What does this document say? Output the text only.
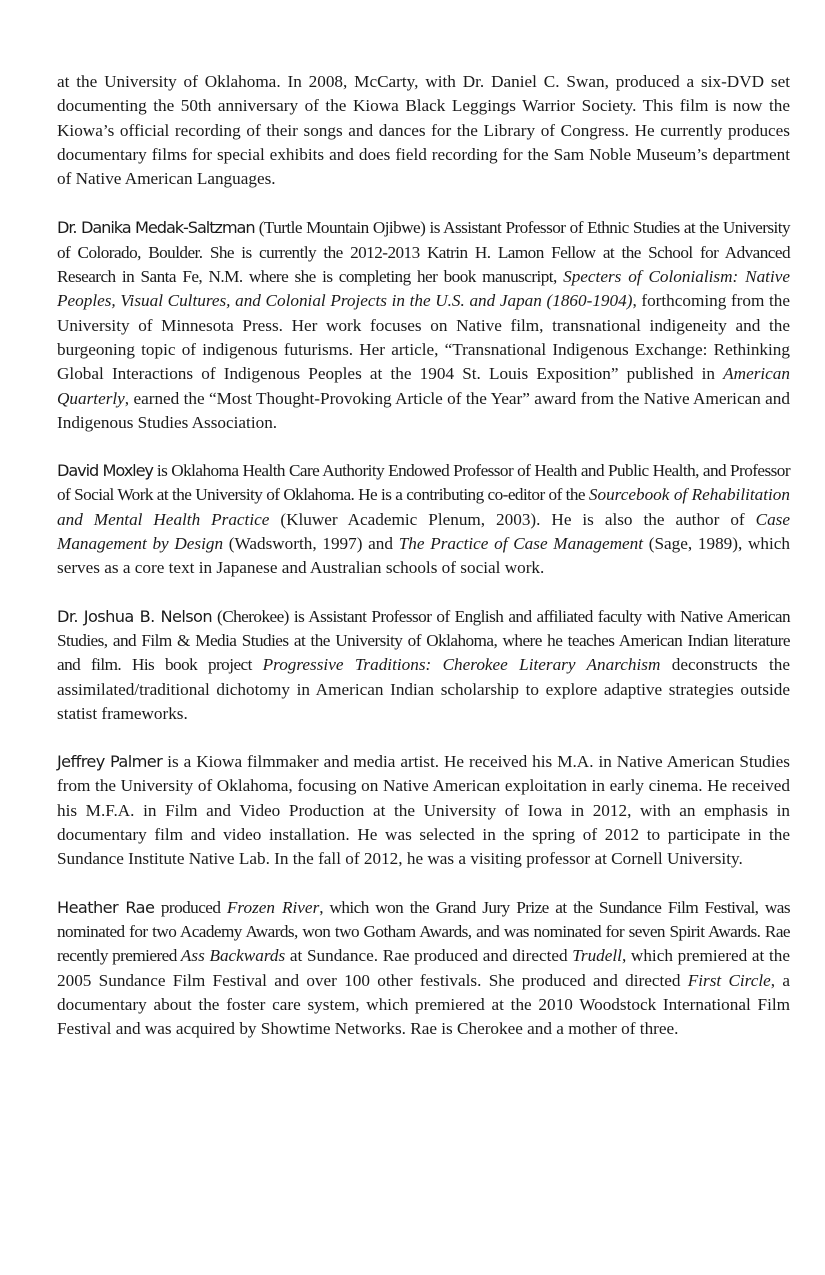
at the University of Oklahoma. In 2008, McCarty, with Dr. Daniel C. Swan, produced a six-DVD set documenting the 50th anniversary of the Kiowa Black Leggings Warrior Society. This film is now the Kiowa’s official recording of their songs and dances for the Library of Congress. He currently produces documentary films for special exhibits and does field recording for the Sam Noble Museum’s department of Native American Languages.

Dr. Danika Medak-Saltzman (Turtle Mountain Ojibwe) is Assistant Professor of Ethnic Studies at the University of Colorado, Boulder. She is currently the 2012-2013 Katrin H. Lamon Fellow at the School for Advanced Research in Santa Fe, N.M. where she is completing her book manuscript, Specters of Colonialism: Native Peoples, Visual Cultures, and Colonial Projects in the U.S. and Japan (1860-1904), forthcoming from the University of Minnesota Press. Her work focuses on Native film, transnational indigeneity and the burgeoning topic of indigenous futurisms. Her article, “Transnational Indigenous Exchange: Rethinking Global Interactions of Indigenous Peoples at the 1904 St. Louis Exposition” published in American Quarterly, earned the “Most Thought-Provoking Article of the Year” award from the Native American and Indigenous Studies Association.

David Moxley is Oklahoma Health Care Authority Endowed Professor of Health and Public Health, and Professor of Social Work at the University of Oklahoma. He is a contributing co-editor of the Sourcebook of Rehabilitation and Mental Health Practice (Kluwer Academic Plenum, 2003). He is also the author of Case Management by Design (Wadsworth, 1997) and The Practice of Case Management (Sage, 1989), which serves as a core text in Japanese and Australian schools of social work.

Dr. Joshua B. Nelson (Cherokee) is Assistant Professor of English and affiliated faculty with Native American Studies, and Film & Media Studies at the University of Oklahoma, where he teaches American Indian literature and film. His book project Progressive Traditions: Cherokee Literary Anarchism deconstructs the assimilated/traditional dichotomy in American Indian scholarship to explore adaptive strategies outside statist frameworks.

Jeffrey Palmer is a Kiowa filmmaker and media artist. He received his M.A. in Native American Studies from the University of Oklahoma, focusing on Native American exploitation in early cinema. He received his M.F.A. in Film and Video Production at the University of Iowa in 2012, with an emphasis in documentary film and video installation. He was selected in the spring of 2012 to participate in the Sundance Institute Native Lab. In the fall of 2012, he was a visiting professor at Cornell University.

Heather Rae produced Frozen River, which won the Grand Jury Prize at the Sundance Film Festival, was nominated for two Academy Awards, won two Gotham Awards, and was nominated for seven Spirit Awards. Rae recently premiered Ass Backwards at Sundance. Rae produced and directed Trudell, which premiered at the 2005 Sundance Film Festival and over 100 other festivals. She produced and directed First Circle, a documentary about the foster care system, which premiered at the 2010 Woodstock International Film Festival and was acquired by Showtime Networks. Rae is Cherokee and a mother of three.
